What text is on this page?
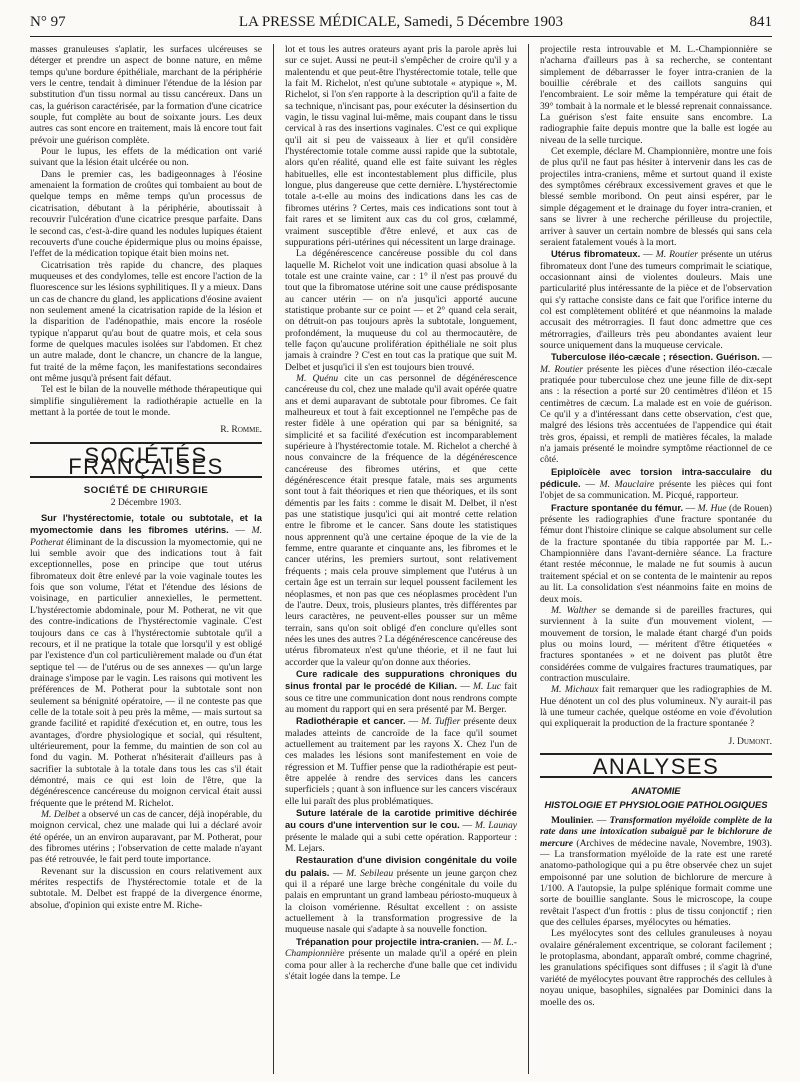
LA PRESSE MÉDICALE, Samedi, 5 Décembre 1903
N° 97	841

masses granuleuses s'aplatir, les surfaces ulcéreuses se déterger et prendre un aspect de bonne nature, en même temps qu'une bordure épithéliale, marchant de la périphérie vers le centre, tendait à diminuer l'étendue de la lésion par substitution d'un tissu normal au tissu cancéreux. Dans un cas, la guérison caractérisée, par la formation d'une cicatrice souple, fut complète au bout de soixante jours. Les deux autres cas sont encore en traitement, mais là encore tout fait prévoir une guérison complète.

Pour le lupus, les effets de la médication ont varié suivant que la lésion était ulcérée ou non.

Dans le premier cas, les badigeonnages à l'éosine amenaient la formation de croûtes qui tombaient au bout de quelque temps en même temps qu'un processus de cicatrisation, débutant à la périphérie, aboutissait à recouvrir l'ulcération d'une cicatrice presque parfaite. Dans le second cas, c'est-à-dire quand les nodules lupiques étaient recouverts d'une couche épidermique plus ou moins épaisse, l'effet de la médication topique était bien moins net.

Cicatrisation très rapide du chancre, des plaques muqueuses et des condylomes, telle est encore l'action de la fluorescence sur les lésions syphilitiques. Il y a mieux. Dans un cas de chancre du gland, les applications d'éosine avaient non seulement amené la cicatrisation rapide de la lésion et la disparition de l'adénopathie, mais encore la roséole typique n'apparut qu'au bout de quatre mois, et cela sous forme de quelques macules isolées sur l'abdomen. Et chez un autre malade, dont le chancre, un chancre de la langue, fut traité de la même façon, les manifestations secondaires ont même jusqu'à présent fait défaut.

Tel est le bilan de la nouvelle méthode thérapeutique qui simplifie singulièrement la radiothérapie actuelle en la mettant à la portée de tout le monde.

R. Romme.

SOCIÉTÉS FRANÇAISES
SOCIÉTÉ DE CHIRURGIE
2 Décembre 1903.

Sur l'hystérectomie, totale ou subtotale, et la myomectomie dans les fibromes utérins. — M. Potherat éliminant de la discussion la myomectomie, qui ne lui semble avoir que des indications tout à fait exceptionnelles, pose en principe que tout utérus fibromateux doit être enlevé par la voie vaginale toutes les fois que son volume, l'état et l'étendue des lésions de voisinage, en particulier annexielles, le permettent. L'hystérectomie abdominale, pour M. Potherat, ne vit que des contre-indications de l'hystérectomie vaginale. C'est toujours dans ce cas à l'hystérectomie subtotale qu'il a recours, et il ne pratique la totale que lorsqu'il y est obligé par l'existence d'un col particulièrement malade ou d'un état septique tel — de l'utérus ou de ses annexes — qu'un large drainage s'impose par le vagin. Les raisons qui motivent les préférences de M. Potherat pour la subtotale sont non seulement sa bénignité opératoire, — il ne conteste pas que celle de la totale soit à peu près la même, — mais surtout sa grande facilité et rapidité d'exécution et, en outre, tous les avantages, d'ordre physiologique et social, qui résultent, ultérieurement, pour la femme, du maintien de son col au fond du vagin. M. Potherat n'hésiterait d'ailleurs pas à sacrifier la subtotale à la totale dans tous les cas s'il était démontré, mais ce qui est loin de l'être, que la dégénérescence cancéreuse du moignon cervical était aussi fréquente que le prétend M. Richelot.

M. Delbet a observé un cas de cancer, déjà inopérable, du moignon cervical, chez une malade qui lui a déclaré avoir été opérée, un an environ auparavant, par M. Potherat, pour des fibromes utérins ; l'observation de cette malade n'ayant pas été retrouvée, le fait perd toute importance.

Revenant sur la discussion en cours relativement aux mérites respectifs de l'hystérectomie totale et de la subtotale. M. Delbet est frappé de la divergence énorme, absolue, d'opinion qui existe entre M. Riche-

lot et tous les autres orateurs ayant pris la parole après lui sur ce sujet. Aussi ne peut-il s'empêcher de croire qu'il y a malentendu et que peut-être l'hystérectomie totale, telle que la fait M. Richelot, n'est qu'une subtotale « atypique », M. Richelot, si l'on s'en rapporte à la description qu'il a faite de sa technique, n'incisant pas, pour exécuter la désinsertion du vagin, le tissu vaginal lui-même, mais coupant dans le tissu cervical à ras des insertions vaginales. C'est ce qui explique qu'il ait si peu de vaisseaux à lier et qu'il considère l'hystérectomie totale comme aussi rapide que la subtotale, alors qu'en réalité, quand elle est faite suivant les règles habituelles, elle est incontestablement plus difficile, plus longue, plus dangereuse que cette dernière. L'hystérectomie totale a-t-elle au moins des indications dans les cas de fibromes utérins ? Certes, mais ces indications sont tout à fait rares et se limitent aux cas du col gros, cœlammé, vraiment susceptible d'être enlevé, et aux cas de suppurations péri-utérines qui nécessitent un large drainage.

La dégénérescence cancéreuse possible du col dans laquelle M. Richelot voit une indication quasi absolue à la totale est une crainte vaine, car : 1° il n'est pas prouvé du tout que la fibromatose utérine soit une cause prédisposante au cancer utérin — on n'a jusqu'ici apporté aucune statistique probante sur ce point — et 2° quand cela serait, on détruit-on pas toujours après la subtotale, longuement, profondément, la muqueuse du col au thermocautère, de telle façon qu'aucune prolifération épithéliale ne soit plus jamais à craindre ? C'est en tout cas la pratique que suit M. Delbet et jusqu'ici il s'en est toujours bien trouvé.

M. Quénu cite un cas personnel de dégénérescence cancéreuse du col, chez une malade qu'il avait opérée quatre ans et demi auparavant de subtotale pour fibromes. Ce fait malheureux et tout à fait exceptionnel ne l'empêche pas de rester fidèle à une opération qui par sa bénignité, sa simplicité et sa facilité d'exécution est incomparablement supérieure à l'hystérectomie totale. M. Richelot a cherché à nous convaincre de la fréquence de la dégénérescence cancéreuse des fibromes utérins, et que cette dégénérescence était presque fatale, mais ses arguments sont tout à fait théoriques et rien que théoriques, et ils sont démentis par les faits : comme le disait M. Delbet, il n'est pas une statistique jusqu'ici qui ait montré cette relation entre le fibrome et le cancer. Sans doute les statistiques nous apprennent qu'à une certaine époque de la vie de la femme, entre quarante et cinquante ans, les fibromes et le cancer utérins, les premiers surtout, sont relativement fréquents ; mais cela prouve simplement que l'utérus à un certain âge est un terrain sur lequel poussent facilement les néoplasmes, et non pas que ces néoplasmes procèdent l'un de l'autre. Deux, trois, plusieurs plantes, très différentes par leurs caractères, ne peuvent-elles pousser sur un même terrain, sans qu'on soit obligé d'en conclure qu'elles sont nées les unes des autres ? La dégénérescence cancéreuse des utérus fibromateux n'est qu'une théorie, et il ne faut lui accorder que la valeur qu'on donne aux théories.

Cure radicale des suppurations chroniques du sinus frontal par le procédé de Kilian. — M. Luc fait sous ce titre une communication dont nous rendrons compte au moment du rapport qui en sera présenté par M. Berger.

Radiothérapie et cancer. — M. Tuffier présente deux malades atteints de cancroïde de la face qu'il soumet actuellement au traitement par les rayons X. Chez l'un de ces malades les lésions sont manifestement en voie de régression et M. Tuffier pense que la radiothérapie est peut-être appelée à rendre des services dans les cancers superficiels ; quant à son influence sur les cancers viscéraux elle lui paraît des plus problématiques.

Suture latérale de la carotide primitive déchirée au cours d'une intervention sur le cou. — M. Launay présente le malade qui a subi cette opération. Rapporteur : M. Lejars.

Restauration d'une division congénitale du voile du palais. — M. Sebileau présente un jeune garçon chez qui il a réparé une large brèche congénitale du voile du palais en empruntant un grand lambeau périosto-muqueux à la cloison vomérienne. Résultat excellent : on assiste actuellement à la transformation progressive de la muqueuse nasale qui s'adapte à sa nouvelle fonction.

Trépanation pour projectile intra-cranien. — M. L.-Championnière présente un malade qu'il a opéré en plein coma pour aller à la recherche d'une balle que cet individu s'était logée dans la tempe. Le

projectile resta introuvable et M. L.-Championnière se n'acharna d'ailleurs pas à sa recherche, se contentant simplement de débarrasser le foyer intra-cranien de la bouillie cérébrale et des caillots sanguins qui l'encombraient. Le soir même la température qui était de 39° tombait à la normale et le blessé reprenait connaissance. La guérison s'est faite ensuite sans encombre. La radiographie faite depuis montre que la balle est logée au niveau de la selle turcique.

Cet exemple, déclare M. Championnière, montre une fois de plus qu'il ne faut pas hésiter à intervenir dans les cas de projectiles intra-craniens, même et surtout quand il existe des symptômes cérébraux excessivement graves et que le blessé semble moribond. On peut ainsi espérer, par le simple dégagement et le drainage du foyer intra-cranien, et sans se livrer à une recherche périlleuse du projectile, arriver à sauver un certain nombre de blessés qui sans cela seraient fatalement voués à la mort.

Utérus fibromateux. — M. Routier présente un utérus fibromateux dont l'une des tumeurs comprimait le sciatique, occasionnant ainsi de violentes douleurs. Mais une particularité plus intéressante de la pièce et de l'observation qui s'y rattache consiste dans ce fait que l'orifice interne du col est complètement oblitéré et que néanmoins la malade accusait des métrorragies. Il faut donc admettre que ces métrorragies, d'ailleurs très peu abondantes avaient leur source uniquement dans la muqueuse cervicale.

Tuberculose iléo-cæcale ; résection. Guérison. — M. Routier présente les pièces d'une résection iléo-cæcale pratiquée pour tuberculose chez une jeune fille de dix-sept ans : la résection a porté sur 20 centimètres d'iléon et 15 centimètres de cæcum. La malade est en voie de guérison. Ce qu'il y a d'intéressant dans cette observation, c'est que, malgré des lésions très accentuées de l'appendice qui était très gros, épaissi, et rempli de matières fécales, la malade n'a jamais présenté le moindre symptôme réactionnel de ce côté.

Epiploïcèle avec torsion intra-sacculaire du pédicule. — M. Mauclaire présente les pièces qui font l'objet de sa communication. M. Picqué, rapporteur.

Fracture spontanée du fémur. — M. Hue (de Rouen) présente les radiographies d'une fracture spontanée du fémur dont l'histoire clinique se calque absolument sur celle de la fracture spontanée du tibia rapportée par M. L.-Championnière dans l'avant-dernière séance. La fracture étant restée méconnue, le malade ne fut soumis à aucun traitement spécial et on se contenta de le maintenir au repos au lit. La consolidation s'est néanmoins faite en moins de deux mois.

M. Walther se demande si de pareilles fractures, qui surviennent à la suite d'un mouvement violent, — mouvement de torsion, le malade étant chargé d'un poids plus ou moins lourd, — méritent d'être étiquetées « fractures spontanées » et ne doivent pas plutôt être considérées comme de vulgaires fractures traumatiques, par contraction musculaire.

M. Michaux fait remarquer que les radiographies de M. Hue dénotent un col des plus volumineux. N'y aurait-il pas là une tumeur cachée, quelque ostéome en voie d'évolution qui expliquerait la production de la fracture spontanée ?

J. Dumont.

ANALYSES
ANATOMIE
HISTOLOGIE ET PHYSIOLOGIE PATHOLOGIQUES

Moulinier. — Transformation myéloïde complète de la rate dans une intoxication subaiguë par le bichlorure de mercure (Archives de médecine navale, Novembre, 1903). — La transformation myéloïde de la rate est une rareté anatomo-pathologique qui a pu être observée chez un sujet empoisonné par une solution de bichlorure de mercure à 1/100. A l'autopsie, la pulpe splénique formait comme une sorte de bouillie sanglante. Sous le microscope, la coupe revêtait l'aspect d'un frottis : plus de tissu conjonctif ; rien que des cellules éparses, myélocytes ou hématies.

Les myélocytes sont des cellules granuleuses à noyau ovalaire généralement excentrique, se colorant facilement ; le protoplasma, abondant, apparaît ombré, comme chagriné, les granulations spécifiques sont diffuses ; il s'agit là d'une variété de myélocytes pouvant être rapprochés des cellules à noyau unique, basophiles, signalées par Dominici dans la moelle des os.
